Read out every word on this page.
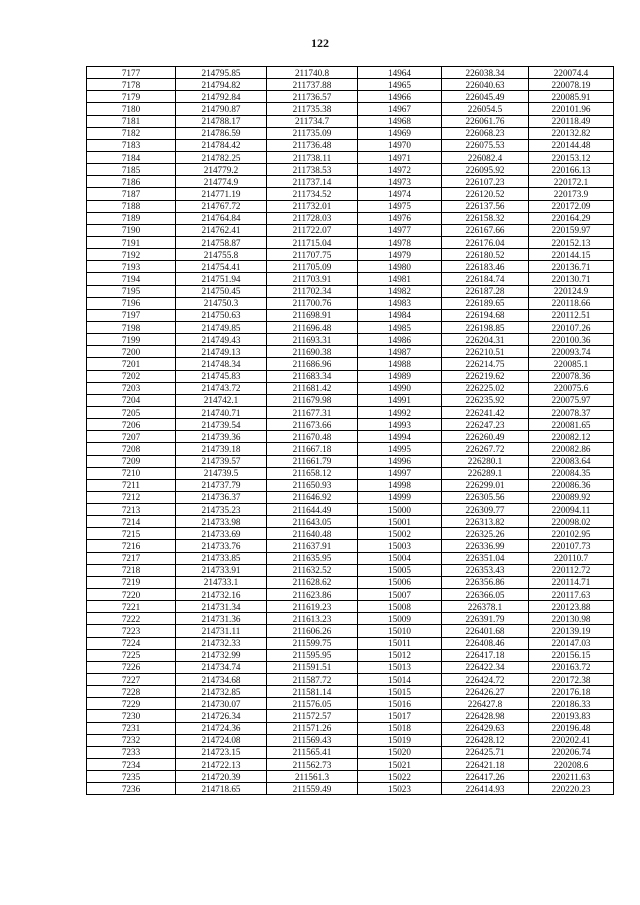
122
7177	214795.85	211740.8	14964	226038.34	220074.4
7178	214794.82	211737.88	14965	226040.63	220078.19
7179	214792.84	211736.57	14966	226045.49	220085.91
7180	214790.87	211735.38	14967	226054.5	220101.96
7181	214788.17	211734.7	14968	226061.76	220118.49
7182	214786.59	211735.09	14969	226068.23	220132.82
7183	214784.42	211736.48	14970	226075.53	220144.48
7184	214782.25	211738.11	14971	226082.4	220153.12
7185	214779.2	211738.53	14972	226095.92	220166.13
7186	214774.9	211737.14	14973	226107.23	220172.1
7187	214771.19	211734.52	14974	226120.52	220173.9
7188	214767.72	211732.01	14975	226137.56	220172.09
7189	214764.84	211728.03	14976	226158.32	220164.29
7190	214762.41	211722.07	14977	226167.66	220159.97
7191	214758.87	211715.04	14978	226176.04	220152.13
7192	214755.8	211707.75	14979	226180.52	220144.15
7193	214754.41	211705.09	14980	226183.46	220136.71
7194	214751.94	211703.91	14981	226184.74	220130.71
7195	214750.45	211702.34	14982	226187.28	220124.9
7196	214750.3	211700.76	14983	226189.65	220118.66
7197	214750.63	211698.91	14984	226194.68	220112.51
7198	214749.85	211696.48	14985	226198.85	220107.26
7199	214749.43	211693.31	14986	226204.31	220100.36
7200	214749.13	211690.38	14987	226210.51	220093.74
7201	214748.34	211686.96	14988	226214.75	220085.1
7202	214745.83	211683.34	14989	226219.62	220078.36
7203	214743.72	211681.42	14990	226225.02	220075.6
7204	214742.1	211679.98	14991	226235.92	220075.97
7205	214740.71	211677.31	14992	226241.42	220078.37
7206	214739.54	211673.66	14993	226247.23	220081.65
7207	214739.36	211670.48	14994	226260.49	220082.12
7208	214739.18	211667.18	14995	226267.72	220082.86
7209	214739.57	211661.79	14996	226280.1	220083.64
7210	214739.5	211658.12	14997	226289.1	220084.35
7211	214737.79	211650.93	14998	226299.01	220086.36
7212	214736.37	211646.92	14999	226305.56	220089.92
7213	214735.23	211644.49	15000	226309.77	220094.11
7214	214733.98	211643.05	15001	226313.82	220098.02
7215	214733.69	211640.48	15002	226325.26	220102.95
7216	214733.76	211637.91	15003	226336.99	220107.73
7217	214733.85	211635.95	15004	226351.04	220110.7
7218	214733.91	211632.52	15005	226353.43	220112.72
7219	214733.1	211628.62	15006	226356.86	220114.71
7220	214732.16	211623.86	15007	226366.05	220117.63
7221	214731.34	211619.23	15008	226378.1	220123.88
7222	214731.36	211613.23	15009	226391.79	220130.98
7223	214731.11	211606.26	15010	226401.68	220139.19
7224	214732.33	211599.75	15011	226408.46	220147.03
7225	214732.99	211595.95	15012	226417.18	220156.15
7226	214734.74	211591.51	15013	226422.34	220163.72
7227	214734.68	211587.72	15014	226424.72	220172.38
7228	214732.85	211581.14	15015	226426.27	220176.18
7229	214730.07	211576.05	15016	226427.8	220186.33
7230	214726.34	211572.57	15017	226428.98	220193.83
7231	214724.36	211571.26	15018	226429.63	220196.48
7232	214724.08	211569.43	15019	226428.12	220202.41
7233	214723.15	211565.41	15020	226425.71	220206.74
7234	214722.13	211562.73	15021	226421.18	220208.6
7235	214720.39	211561.3	15022	226417.26	220211.63
7236	214718.65	211559.49	15023	226414.93	220220.23
